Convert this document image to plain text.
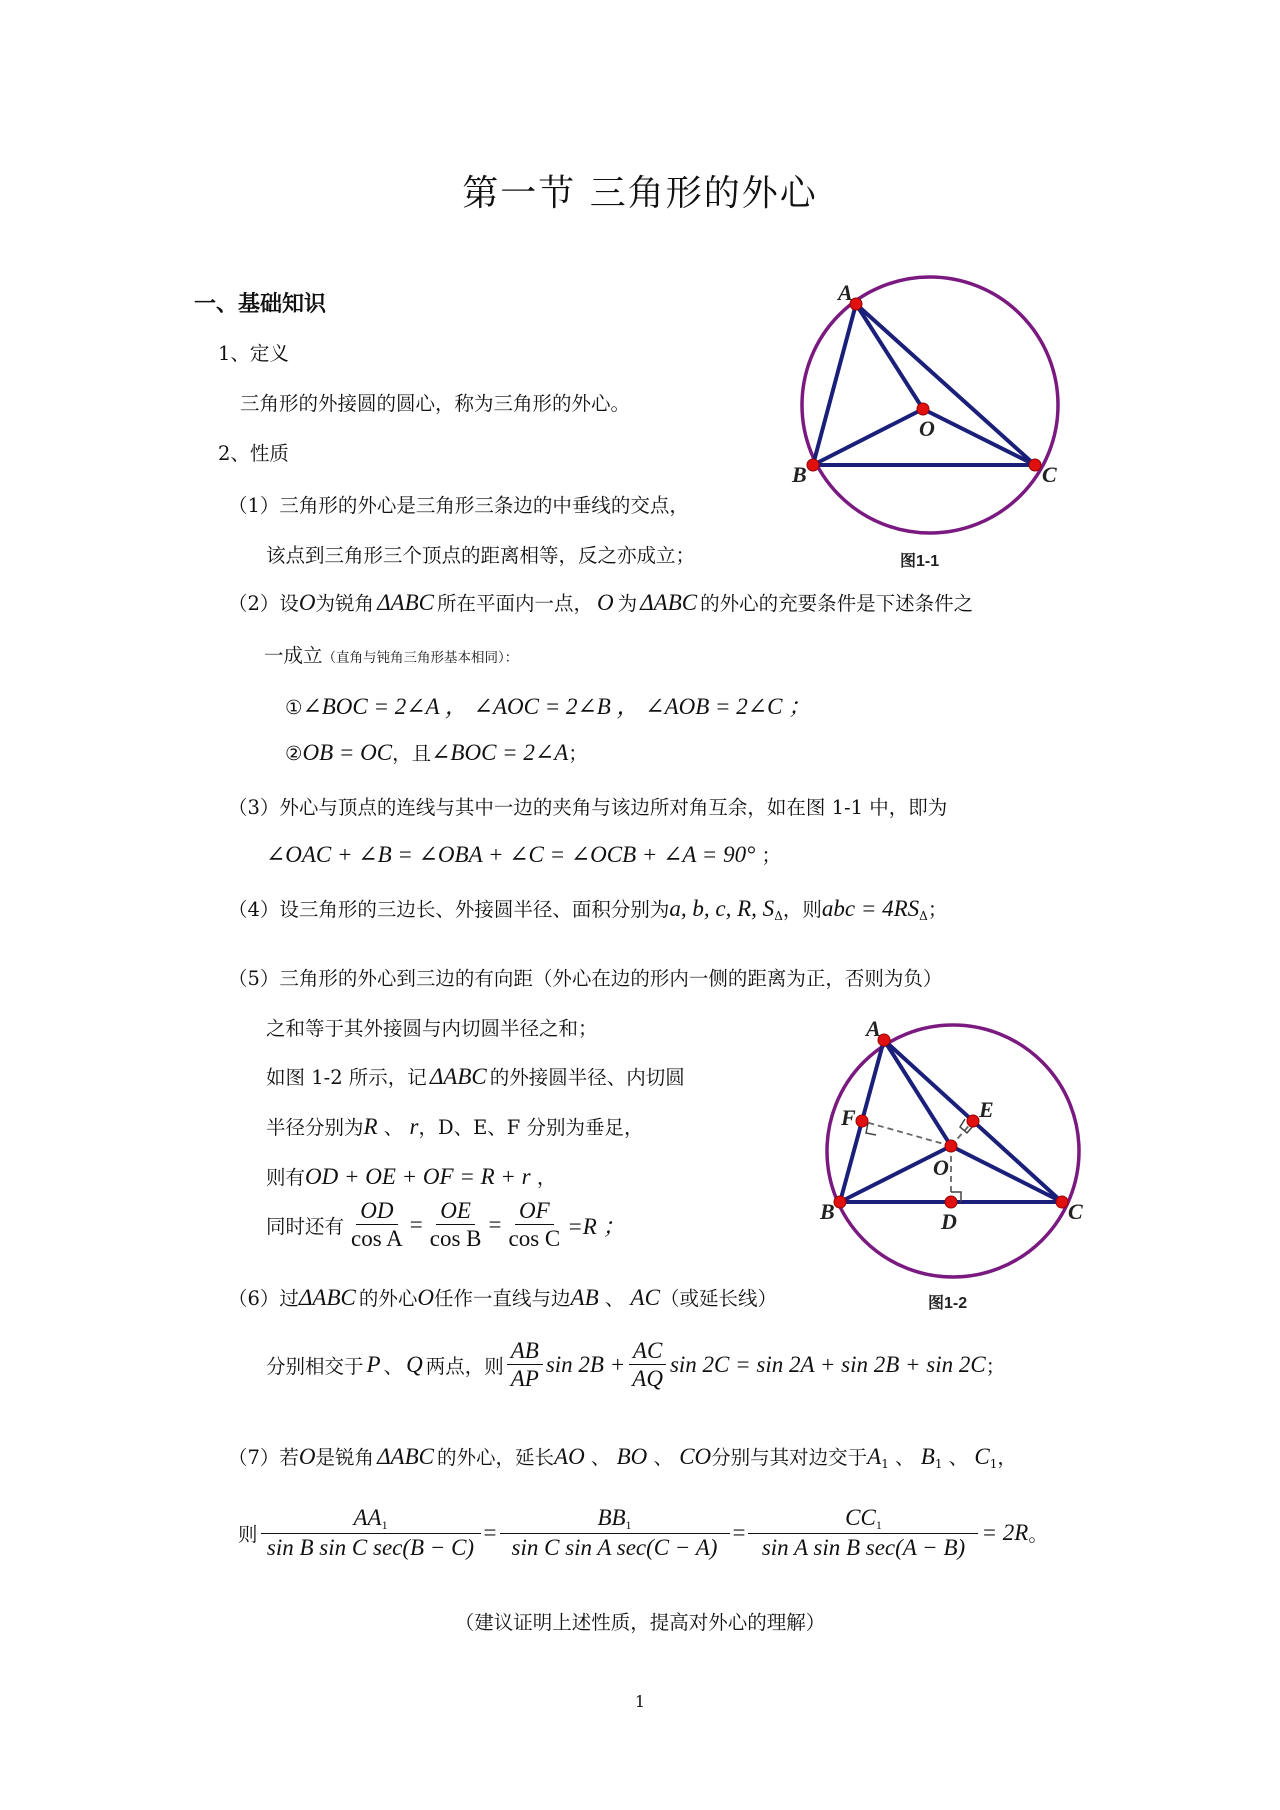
第一节 三角形的外心
一、基础知识
1、定义
三角形的外接圆的圆心，称为三角形的外心。
2、性质
（1）三角形的外心是三角形三条边的中垂线的交点，
该点到三角形三个顶点的距离相等，反之亦成立；
（2）设O为锐角 ΔABC 所在平面内一点， O 为 ΔABC 的外心的充要条件是下述条件之
一成立（直角与钝角三角形基本相同）：
①∠BOC = 2∠A ， ∠AOC = 2∠B ， ∠AOB = 2∠C ；
②OB = OC，且∠BOC = 2∠A；
（3）外心与顶点的连线与其中一边的夹角与该边所对角互余，如在图 1-1 中，即为
∠OAC + ∠B = ∠OBA + ∠C = ∠OCB + ∠A = 90° ；
（4）设三角形的三边长、外接圆半径、面积分别为a, b, c, R, $S_\Delta$，则abc = $4RS_\Delta$；
（5）三角形的外心到三边的有向距（外心在边的形内一侧的距离为正，否则为负）
之和等于其外接圆与内切圆半径之和；
如图 1-2 所示，记 ΔABC 的外接圆半径、内切圆
半径分别为R 、 r，D、E、F 分别为垂足，
则有OD + OE + OF = R + r ，
同时还有 $\frac{OD}{\text{cos A}} = \frac{OE}{\text{cos B}} = \frac{OF}{\text{cos C}} =R$ ；
（6）过ΔABC 的外心O任作一直线与边AB 、 AC（或延长线）
分别相交于 P 、 Q 两点，则 $\frac{AB}{AP}$ $\sin 2B + \frac{AC}{AQ}$ sin 2C = sin 2A + sin 2B + sin 2C ；
（7）若O是锐角 ΔABC 的外心，延长AO 、 BO 、 CO分别与其对边交于$A_1$ 、 $B_1$ 、 $C_1$，
则 $\frac{AA_1}{\text{sin B sin C sec(B − C)}} = \frac{BB_1}{\text{sin C sin A sec(C − A)}} = \frac{CC_1}{\text{sin A sin B sec(A − B)}} = 2R$ 。
（建议证明上述性质，提高对外心的理解）
A
B	C
O
图1-1
A
B	C
O
D
E
F
图1-2
1
